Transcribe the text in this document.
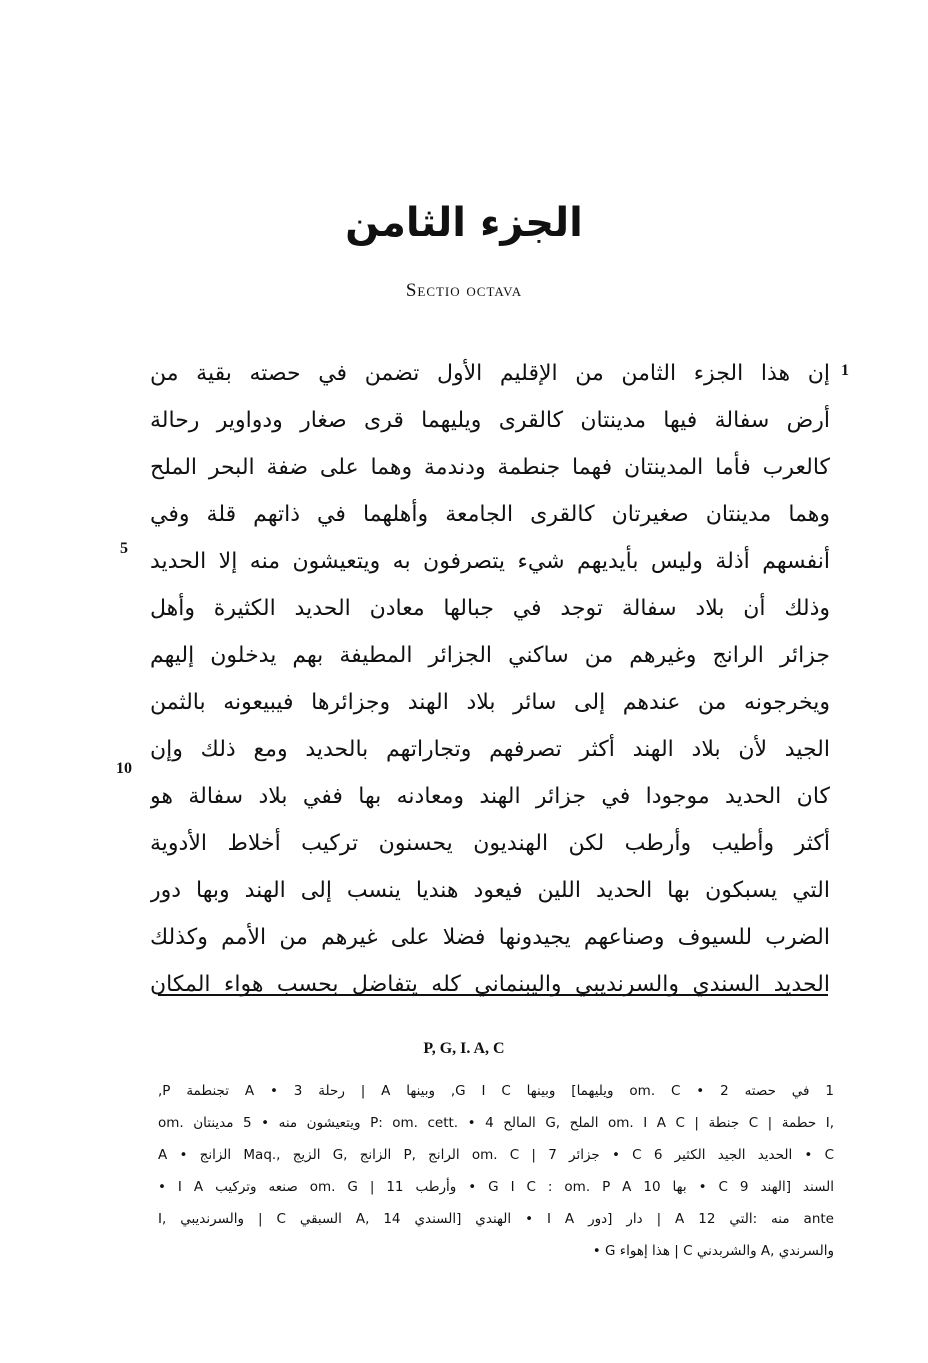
الجزء الثامن
Sectio octava
1
5
10
إن هذا الجزء الثامن من الإقليم الأول تضمن في حصته بقية من
أرض سفالة فيها مدينتان كالقرى ويليهما قرى صغار ودواوير رحالة
كالعرب فأما المدينتان فهما جنطمة ودندمة وهما على ضفة البحر الملح
وهما مدينتان صغيرتان كالقرى الجامعة وأهلهما في ذاتهم قلة وفي
أنفسهم أذلة وليس بأيديهم شيء يتصرفون به ويتعيشون منه إلا الحديد
وذلك أن بلاد سفالة توجد في جبالها معادن الحديد الكثيرة وأهل
جزائر الرانج وغيرهم من ساكني الجزائر المطيفة بهم يدخلون إليهم
ويخرجونه من عندهم إلى سائر بلاد الهند وجزائرها فيبيعونه بالثمن
الجيد لأن بلاد الهند أكثر تصرفهم وتجاراتهم بالحديد ومع ذلك وإن
كان الحديد موجودا في جزائر الهند ومعادنه بها ففي بلاد سفالة هو
أكثر وأطيب وأرطب لكن الهنديون يحسنون تركيب أخلاط الأدوية
التي يسبكون بها الحديد اللين فيعود هنديا ينسب إلى الهند وبها دور
الضرب للسيوف وصناعهم يجيدونها فضلا على غيرهم من الأمم وكذلك
الحديد السندي والسرنديبي واليبنماني كله يتفاضل بحسب هواء المكان
P, G, I. A, C
1 في حصته om. C • 2 ويليهما] وبينها G I C, وبينها A | رحلة A • 3 تجنطمة P,
om. ويتعيشون منه • 5 مدينتان P: om. cett. • 4 المالح G, الملح om. I A C | جنطة C | حطمة I,
A • الزانج Maq., الزيج G, الزانج P, الرانج om. C | جزائر 7 • C الحديد الجيد الكثير 6 • C
• I A صنعه وتركيب om. G | وأرطب 11 • G I C : om. P A بها 10 • C السند [الهند 9
I, والسرنديبي | C السبقي A, الهندي [السندي 14 • I A دار [دور | A منه :التي 12 ante
• G هذا إهواء | C والشربدني A, والسرندي
